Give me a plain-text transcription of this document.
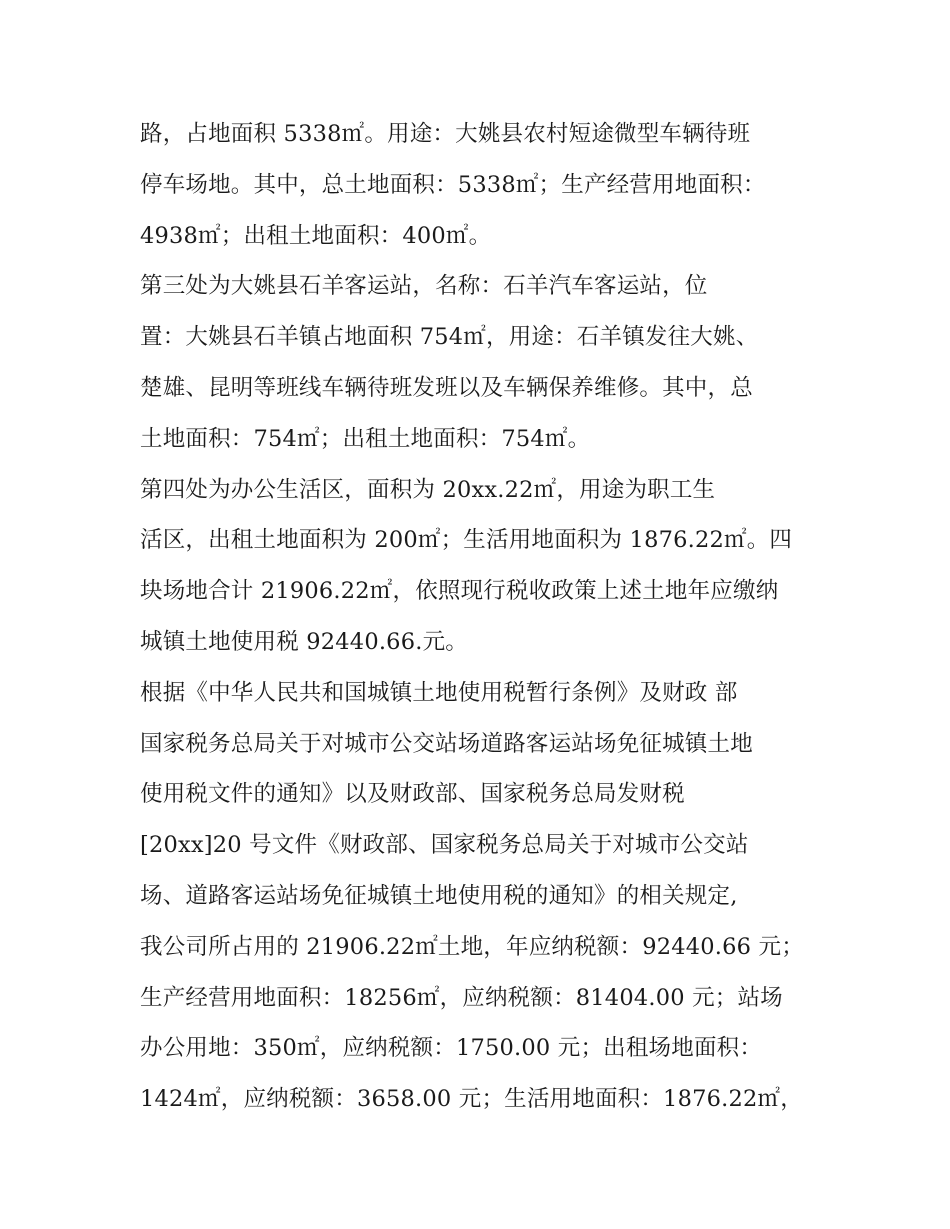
路，占地面积 5338㎡。用途：大姚县农村短途微型车辆待班
停车场地。其中，总土地面积：5338㎡；生产经营用地面积：
4938㎡；出租土地面积：400㎡。
第三处为大姚县石羊客运站，名称：石羊汽车客运站，位
置：大姚县石羊镇占地面积 754㎡，用途：石羊镇发往大姚、
楚雄、昆明等班线车辆待班发班以及车辆保养维修。其中，总
土地面积：754㎡；出租土地面积：754㎡。
第四处为办公生活区，面积为 20xx.22㎡，用途为职工生
活区，出租土地面积为 200㎡；生活用地面积为 1876.22㎡。四
块场地合计 21906.22㎡，依照现行税收政策上述土地年应缴纳
城镇土地使用税 92440.66.元。
根据《中华人民共和国城镇土地使用税暂行条例》及财政 部
国家税务总局关于对城市公交站场道路客运站场免征城镇土地
使用税文件的通知》以及财政部、国家税务总局发财税
[20xx]20 号文件《财政部、国家税务总局关于对城市公交站
场、道路客运站场免征城镇土地使用税的通知》的相关规定,
我公司所占用的 21906.22㎡土地，年应纳税额：92440.66 元；
生产经营用地面积：18256㎡，应纳税额：81404.00 元；站场
办公用地：350㎡，应纳税额：1750.00 元；出租场地面积：
1424㎡，应纳税额：3658.00 元；生活用地面积：1876.22㎡，
